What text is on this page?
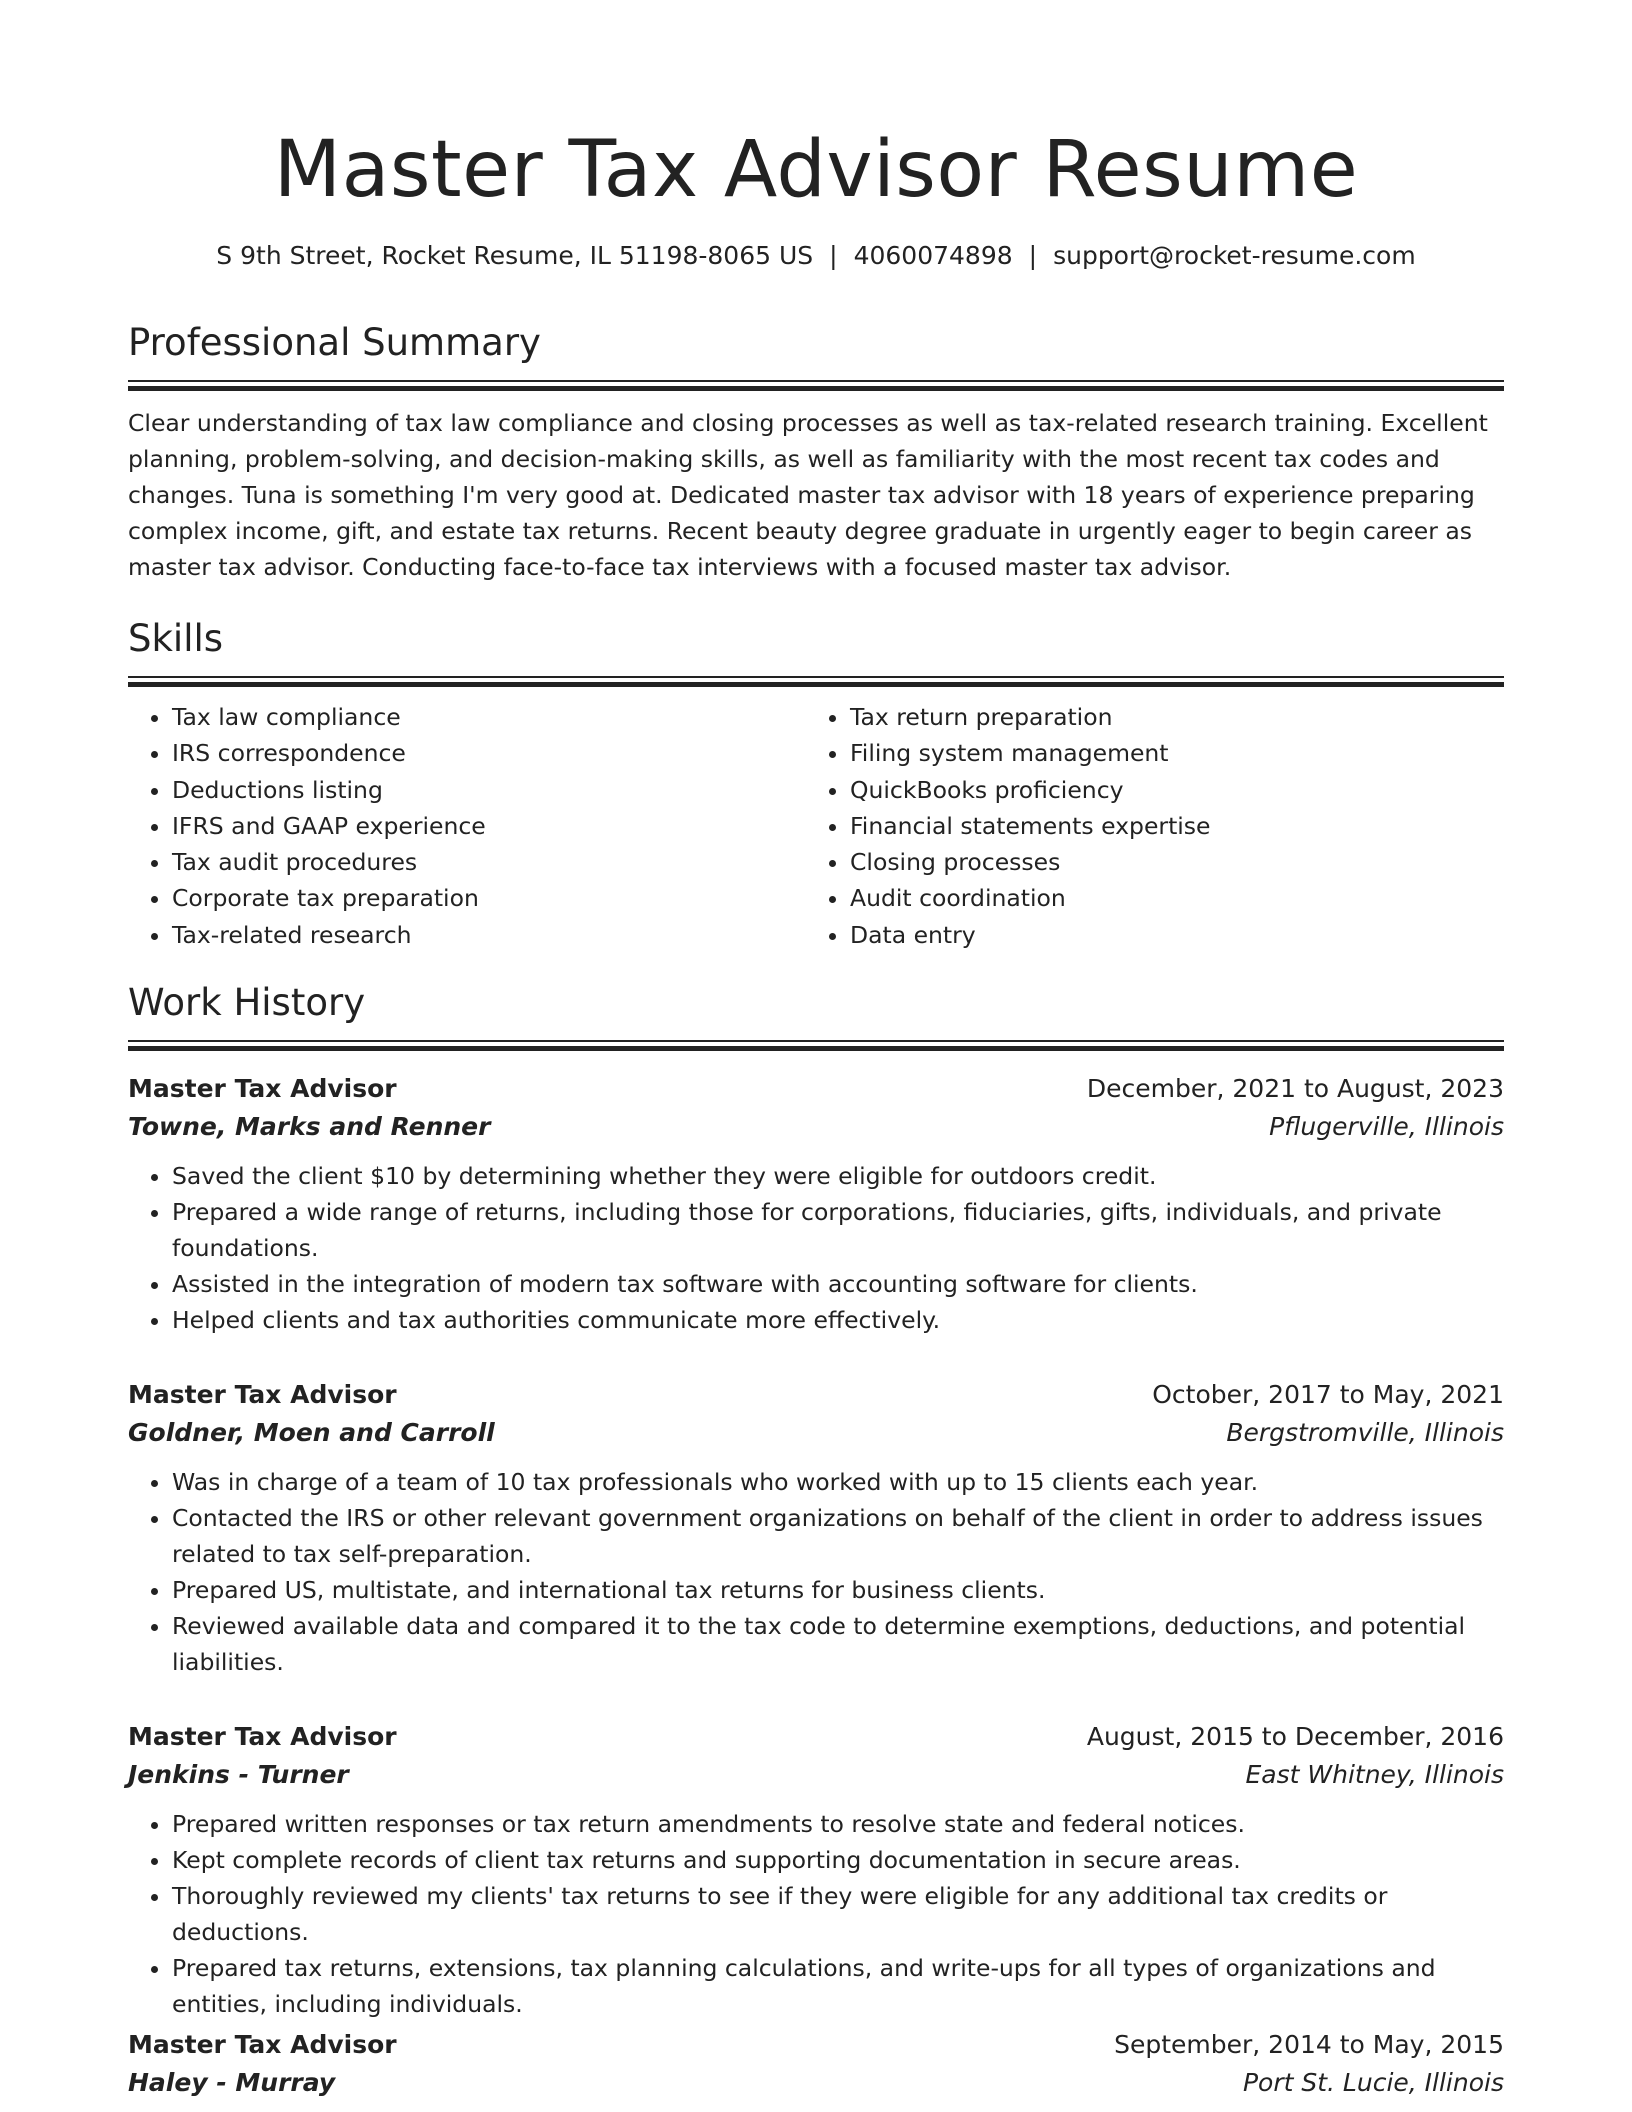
Master Tax Advisor Resume
S 9th Street, Rocket Resume, IL 51198-8065 US | 4060074898 | support@rocket-resume.com
Professional Summary

Clear understanding of tax law compliance and closing processes as well as tax-related research training. Excellent planning, problem-solving, and decision-making skills, as well as familiarity with the most recent tax codes and changes. Tuna is something I'm very good at. Dedicated master tax advisor with 18 years of experience preparing complex income, gift, and estate tax returns. Recent beauty degree graduate in urgently eager to begin career as master tax advisor. Conducting face-to-face tax interviews with a focused master tax advisor.

Skills
• Tax law compliance
• IRS correspondence
• Deductions listing
• IFRS and GAAP experience
• Tax audit procedures
• Corporate tax preparation
• Tax-related research
• Tax return preparation
• Filing system management
• QuickBooks proficiency
• Financial statements expertise
• Closing processes
• Audit coordination
• Data entry
Work History
Master Tax Advisor	December, 2021 to August, 2023
Towne, Marks and Renner	Pflugerville, Illinois
• Saved the client $10 by determining whether they were eligible for outdoors credit.
• Prepared a wide range of returns, including those for corporations, fiduciaries, gifts, individuals, and private foundations.
• Assisted in the integration of modern tax software with accounting software for clients.
• Helped clients and tax authorities communicate more effectively.
Master Tax Advisor	October, 2017 to May, 2021
Goldner, Moen and Carroll	Bergstromville, Illinois
• Was in charge of a team of 10 tax professionals who worked with up to 15 clients each year.
• Contacted the IRS or other relevant government organizations on behalf of the client in order to address issues related to tax self-preparation.
• Prepared US, multistate, and international tax returns for business clients.
• Reviewed available data and compared it to the tax code to determine exemptions, deductions, and potential liabilities.
Master Tax Advisor	August, 2015 to December, 2016
Jenkins - Turner	East Whitney, Illinois
• Prepared written responses or tax return amendments to resolve state and federal notices.
• Kept complete records of client tax returns and supporting documentation in secure areas.
• Thoroughly reviewed my clients' tax returns to see if they were eligible for any additional tax credits or deductions.
• Prepared tax returns, extensions, tax planning calculations, and write-ups for all types of organizations and entities, including individuals.
Master Tax Advisor	September, 2014 to May, 2015
Haley - Murray	Port St. Lucie, Illinois
